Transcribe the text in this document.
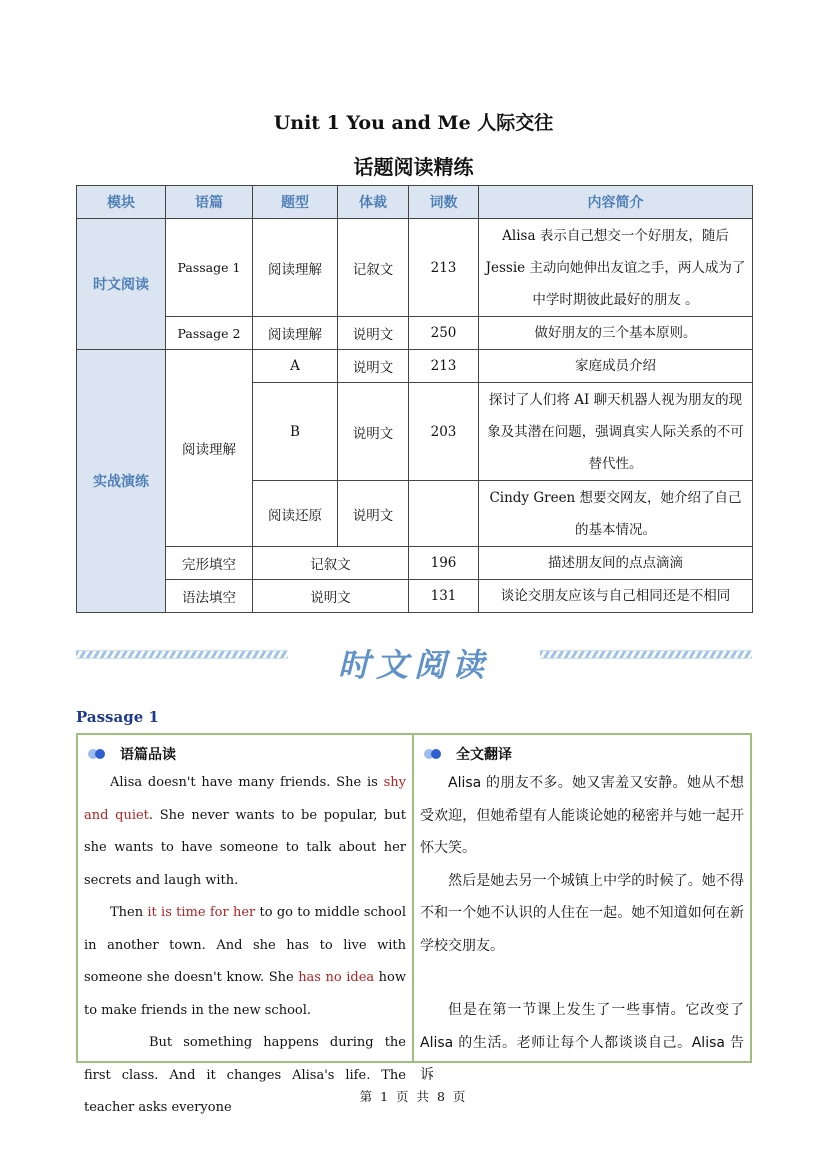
Unit 1 You and Me 人际交往
话题阅读精练
模块	语篇	题型	体裁	词数	内容简介
时文阅读	Passage 1	阅读理解	记叙文	213	Alisa 表示自己想交一个好朋友，随后 Jessie 主动向她伸出友谊之手，两人成为了中学时期彼此最好的朋友 。
	Passage 2	阅读理解	说明文	250	做好朋友的三个基本原则。
实战演练	阅读理解	A	说明文	213	家庭成员介绍
		B	说明文	203	探讨了人们将 AI 聊天机器人视为朋友的现象及其潜在问题，强调真实人际关系的不可替代性。
		阅读还原	说明文		Cindy Green 想要交网友，她介绍了自己的基本情况。
	完形填空	记叙文		196	描述朋友间的点点滴滴
	语法填空	说明文		131	谈论交朋友应该与自己相同还是不相同
时文阅读
Passage 1
语篇品读

Alisa doesn't have many friends. She is shy and quiet. She never wants to be popular, but she wants to have someone to talk about her secrets and laugh with.

Then it is time for her to go to middle school in another town. And she has to live with someone she doesn't know. She has no idea how to make friends in the new school.

But something happens during the first class. And it changes Alisa's life. The teacher asks everyone

全文翻译

Alisa 的朋友不多。她又害羞又安静。她从不想受欢迎，但她希望有人能谈论她的秘密并与她一起开怀大笑。

然后是她去另一个城镇上中学的时候了。她不得不和一个她不认识的人住在一起。她不知道如何在新学校交朋友。

但是在第一节课上发生了一些事情。它改变了 Alisa 的生活。老师让每个人都谈谈自己。Alisa 告诉

第 1 页 共 8 页
